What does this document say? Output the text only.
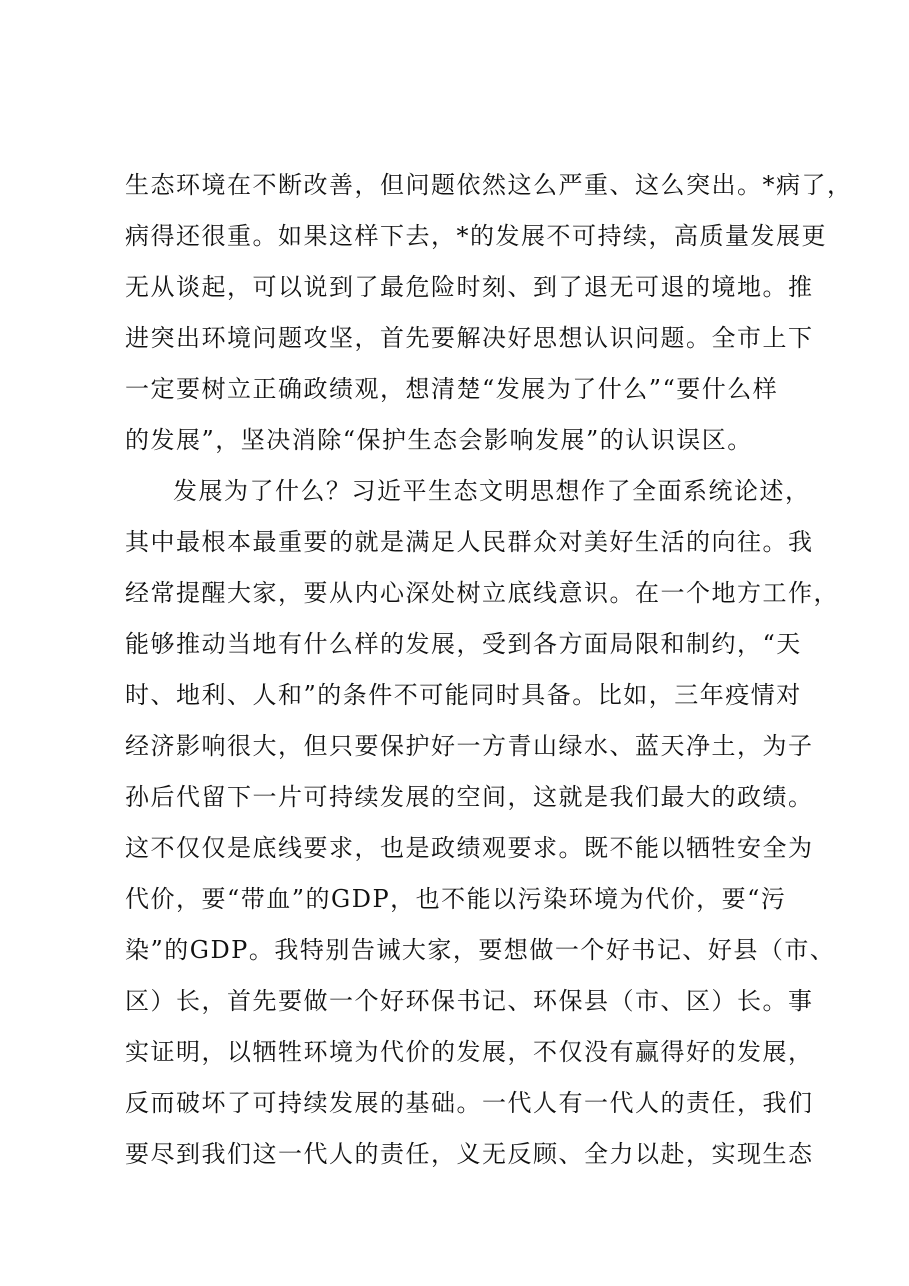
生态环境在不断改善，但问题依然这么严重、这么突出。*病了，
病得还很重。如果这样下去，*的发展不可持续，高质量发展更
无从谈起，可以说到了最危险时刻、到了退无可退的境地。推
进突出环境问题攻坚，首先要解决好思想认识问题。全市上下
一定要树立正确政绩观，想清楚“发展为了什么”“要什么样
的发展”，坚决消除“保护生态会影响发展”的认识误区。
发展为了什么？习近平生态文明思想作了全面系统论述，
其中最根本最重要的就是满足人民群众对美好生活的向往。我
经常提醒大家，要从内心深处树立底线意识。在一个地方工作，
能够推动当地有什么样的发展，受到各方面局限和制约，“天
时、地利、人和”的条件不可能同时具备。比如，三年疫情对
经济影响很大，但只要保护好一方青山绿水、蓝天净土，为子
孙后代留下一片可持续发展的空间，这就是我们最大的政绩。
这不仅仅是底线要求，也是政绩观要求。既不能以牺牲安全为
代价，要“带血”的GDP，也不能以污染环境为代价，要“污
染”的GDP。我特别告诫大家，要想做一个好书记、好县（市、
区）长，首先要做一个好环保书记、环保县（市、区）长。事
实证明，以牺牲环境为代价的发展，不仅没有赢得好的发展，
反而破坏了可持续发展的基础。一代人有一代人的责任，我们
要尽到我们这一代人的责任，义无反顾、全力以赴，实现生态
